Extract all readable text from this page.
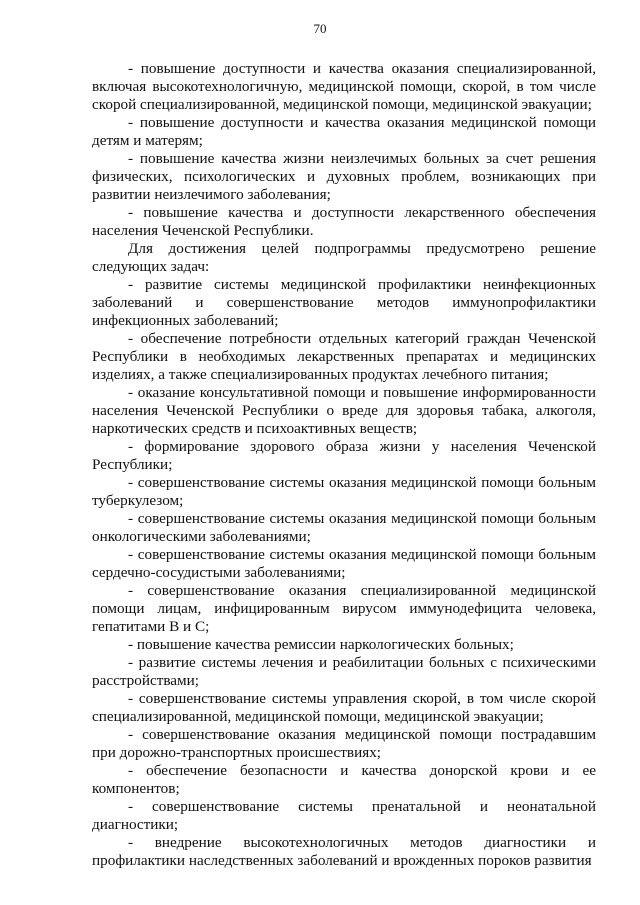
70

- повышение доступности и качества оказания специализированной, включая высокотехнологичную, медицинской помощи, скорой, в том числе скорой специализированной, медицинской помощи, медицинской эвакуации;

- повышение доступности и качества оказания медицинской помощи детям и матерям;

- повышение качества жизни неизлечимых больных за счет решения физических, психологических и духовных проблем, возникающих при развитии неизлечимого заболевания;

- повышение качества и доступности лекарственного обеспечения населения Чеченской Республики.

Для достижения целей подпрограммы предусмотрено решение следующих задач:

- развитие системы медицинской профилактики неинфекционных заболеваний и совершенствование методов иммунопрофилактики инфекционных заболеваний;

- обеспечение потребности отдельных категорий граждан Чеченской Республики в необходимых лекарственных препаратах и медицинских изделиях, а также специализированных продуктах лечебного питания;

- оказание консультативной помощи и повышение информированности населения Чеченской Республики о вреде для здоровья табака, алкоголя, наркотических средств и психоактивных веществ;

- формирование здорового образа жизни у населения Чеченской Республики;

- совершенствование системы оказания медицинской помощи больным туберкулезом;

- совершенствование системы оказания медицинской помощи больным онкологическими заболеваниями;

- совершенствование системы оказания медицинской помощи больным сердечно-сосудистыми заболеваниями;

- совершенствование оказания специализированной медицинской помощи лицам, инфицированным вирусом иммунодефицита человека, гепатитами В и С;

- повышение качества ремиссии наркологических больных;

- развитие системы лечения и реабилитации больных с психическими расстройствами;

- совершенствование системы управления скорой, в том числе скорой специализированной, медицинской помощи, медицинской эвакуации;

- совершенствование оказания медицинской помощи пострадавшим при дорожно-транспортных происшествиях;

- обеспечение безопасности и качества донорской крови и ее компонентов;

- совершенствование системы пренатальной и неонатальной диагностики;

- внедрение высокотехнологичных методов диагностики и профилактики наследственных заболеваний и врожденных пороков развития
